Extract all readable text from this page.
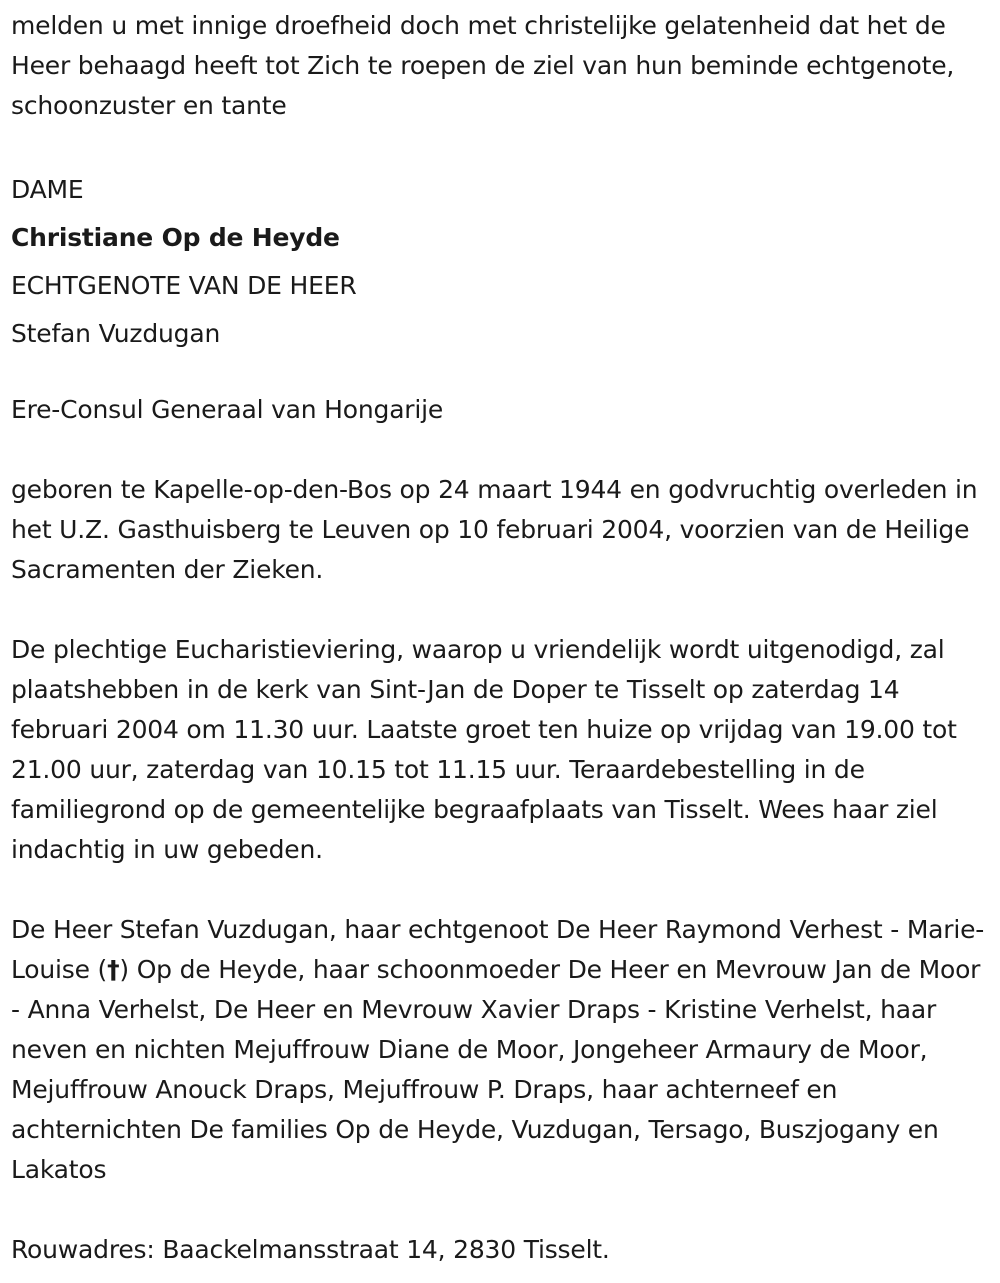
melden u met innige droefheid doch met christelijke gelatenheid dat het de Heer behaagd heeft tot Zich te roepen de ziel van hun beminde echtgenote, schoonzuster en tante

DAME

Christiane Op de Heyde

ECHTGENOTE VAN DE HEER

Stefan Vuzdugan

Ere-Consul Generaal van Hongarije

geboren te Kapelle-op-den-Bos op 24 maart 1944 en godvruchtig overleden in het U.Z. Gasthuisberg te Leuven op 10 februari 2004, voorzien van de Heilige Sacramenten der Zieken.

De plechtige Eucharistieviering, waarop u vriendelijk wordt uitgenodigd, zal plaatshebben in de kerk van Sint-Jan de Doper te Tisselt op zaterdag 14 februari 2004 om 11.30 uur. Laatste groet ten huize op vrijdag van 19.00 tot 21.00 uur, zaterdag van 10.15 tot 11.15 uur. Teraardebestelling in de familiegrond op de gemeentelijke begraafplaats van Tisselt. Wees haar ziel indachtig in uw gebeden.

De Heer Stefan Vuzdugan, haar echtgenoot De Heer Raymond Verhest - Marie-Louise (†) Op de Heyde, haar schoonmoeder De Heer en Mevrouw Jan de Moor - Anna Verhelst, De Heer en Mevrouw Xavier Draps - Kristine Verhelst, haar neven en nichten Mejuffrouw Diane de Moor, Jongeheer Armaury de Moor, Mejuffrouw Anouck Draps, Mejuffrouw P. Draps, haar achterneef en achternichten De families Op de Heyde, Vuzdugan, Tersago, Buszjogany en Lakatos

Rouwadres: Baackelmansstraat 14, 2830 Tisselt.
